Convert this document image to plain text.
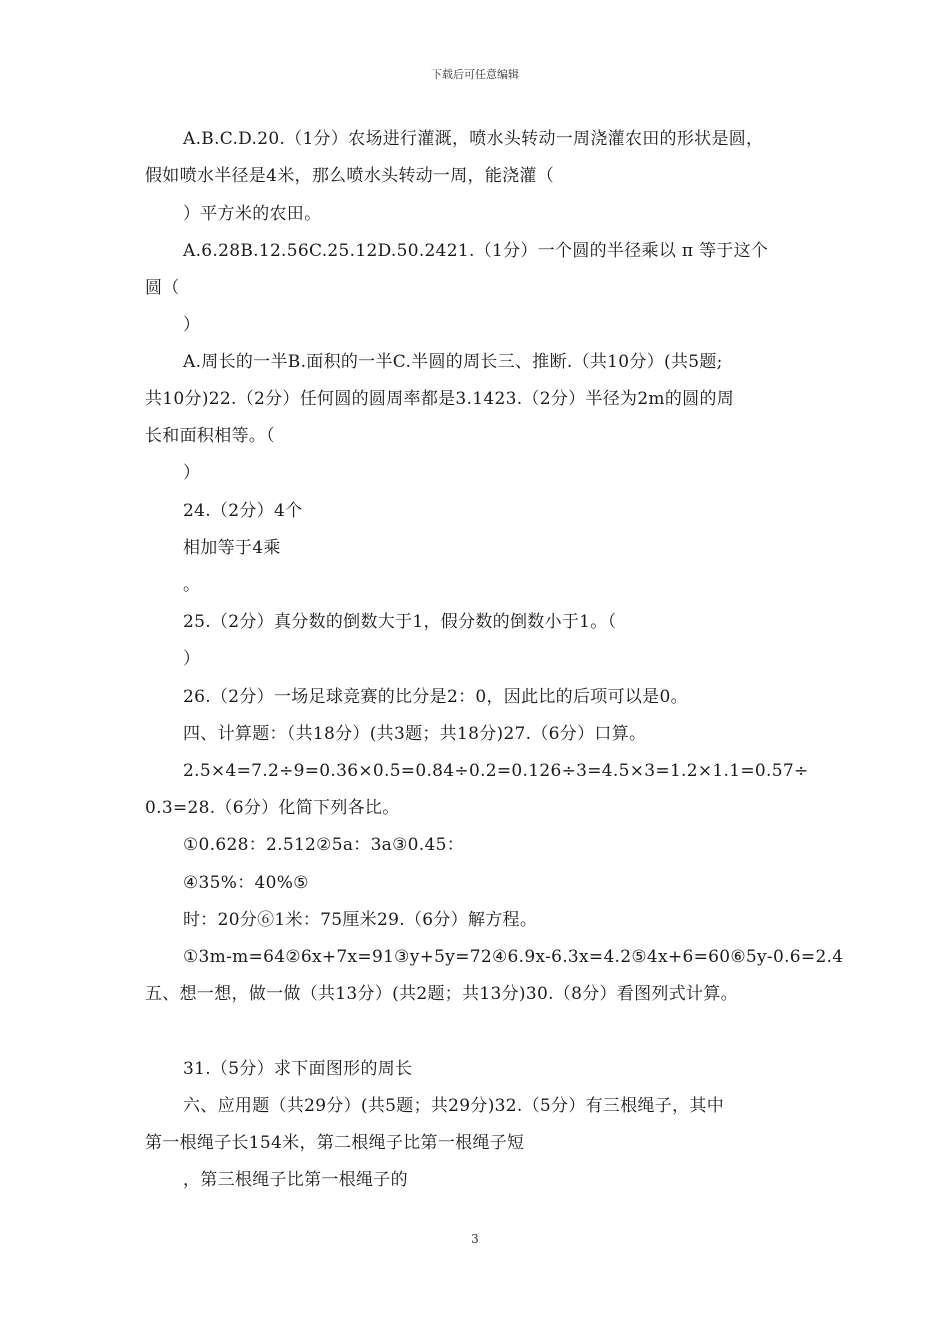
下载后可任意编辑
A.B.C.D.20.（1分）农场进行灌溉，喷水头转动一周浇灌农田的形状是圆，
假如喷水半径是4米，那么喷水头转动一周，能浇灌（
）平方米的农田。
A.6.28B.12.56C.25.12D.50.2421.（1分）一个圆的半径乘以 π 等于这个
圆（
）
A.周长的一半B.面积的一半C.半圆的周长三、推断.（共10分）(共5题;
共10分)22.（2分）任何圆的圆周率都是3.1423.（2分）半径为2m的圆的周
长和面积相等。（
）
24.（2分）4个
相加等于4乘
。
25.（2分）真分数的倒数大于1，假分数的倒数小于1。（
）
26.（2分）一场足球竞赛的比分是2：0，因此比的后项可以是0。
四、计算题：（共18分）(共3题；共18分)27.（6分）口算。
2.5×4=7.2÷9=0.36×0.5=0.84÷0.2=0.126÷3=4.5×3=1.2×1.1=0.57÷
0.3=28.（6分）化简下列各比。
①0.628：2.512②5a：3a③0.45：
④35%：40%⑤
时：20分⑥1米：75厘米29.（6分）解方程。
①3m-m=64②6x+7x=91③y+5y=72④6.9x-6.3x=4.2⑤4x+6=60⑥5y-0.6=2.4
五、想一想，做一做（共13分）(共2题；共13分)30.（8分）看图列式计算。
31.（5分）求下面图形的周长
六、应用题（共29分）(共5题；共29分)32.（5分）有三根绳子，其中
第一根绳子长154米，第二根绳子比第一根绳子短
，第三根绳子比第一根绳子的
3
